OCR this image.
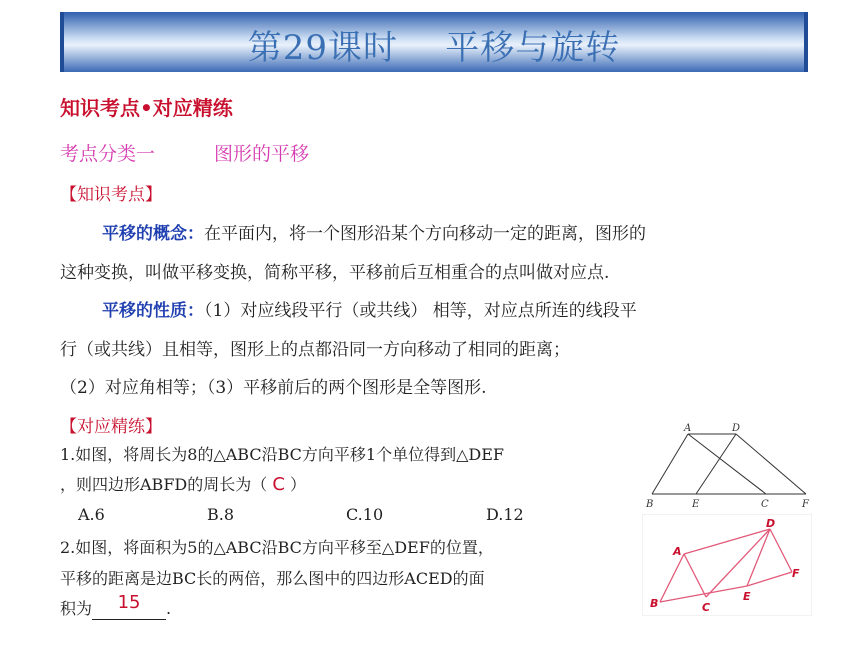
第29课时    平移与旋转
知识考点•对应精练
考点分类一	图形的平移
【知识考点】
平移的概念：在平面内，将一个图形沿某个方向移动一定的距离，图形的
这种变换，叫做平移变换，简称平移，平移前后互相重合的点叫做对应点.
平移的性质：（1）对应线段平行（或共线） 相等，对应点所连的线段平
行（或共线）且相等，图形上的点都沿同一方向移动了相同的距离；
（2）对应角相等；（3）平移前后的两个图形是全等图形.
【对应精练】
1.如图，将周长为8的△ABC沿BC方向平移1个单位得到△DEF
，则四边形ABFD的周长为（ C ）
A.6	B.8	C.10	D.12
2.如图，将面积为5的△ABC沿BC方向平移至△DEF的位置，
平移的距离是边BC长的两倍，那么图中的四边形ACED的面
积为 15 .
A	D
B	E	C	F
A
D
B	C
E
F
